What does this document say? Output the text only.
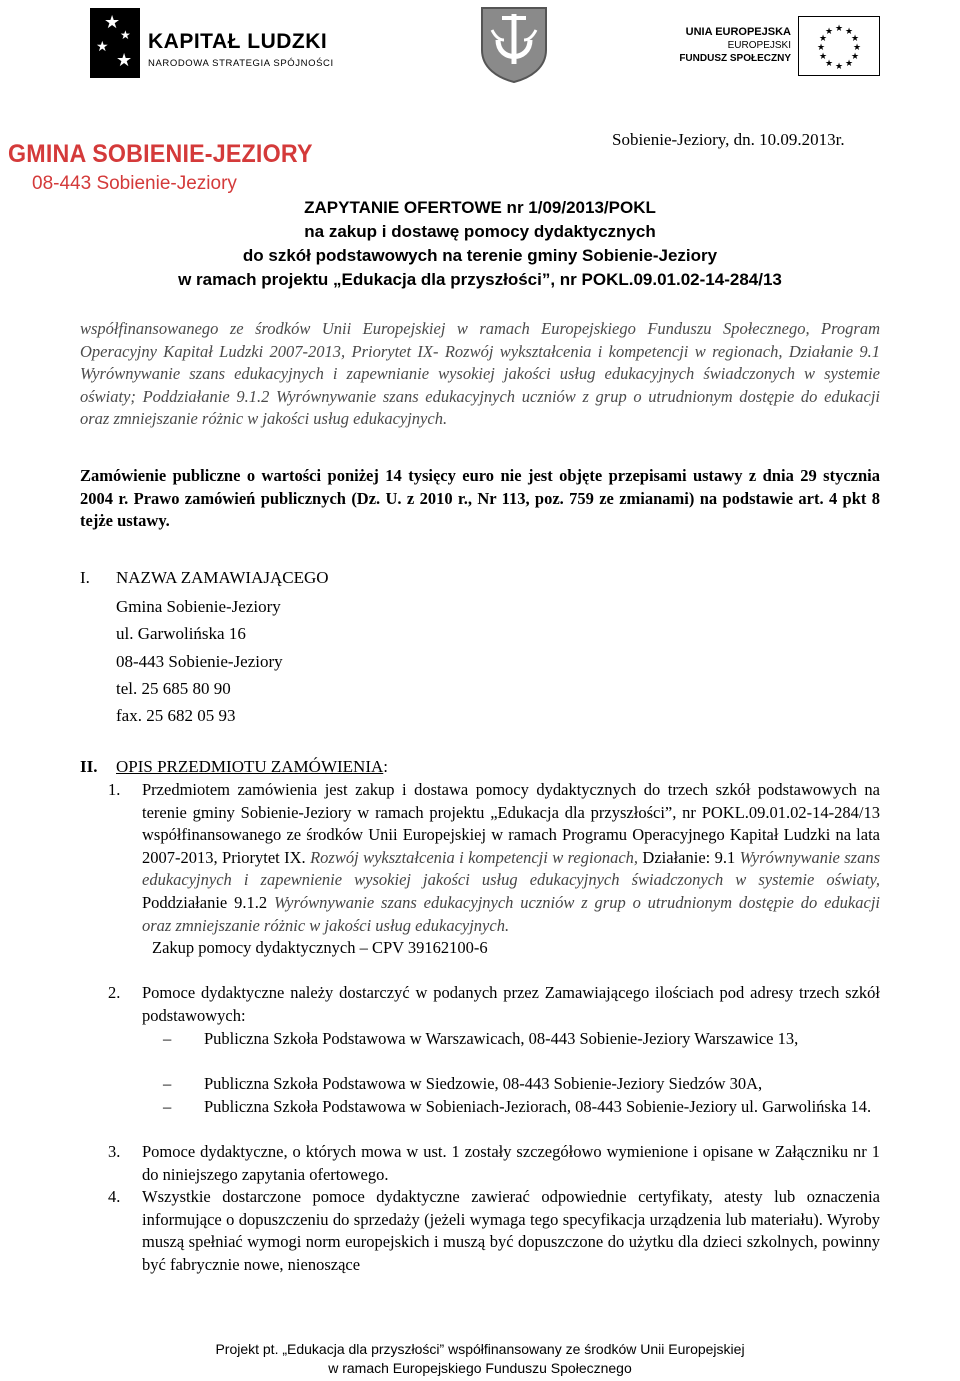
★
★
★
★
KAPITAŁ LUDZKI
NARODOWA STRATEGIA SPÓJNOŚCI
UNIA EUROPEJSKA
EUROPEJSKI
FUNDUSZ SPOŁECZNY
★ ★
★
★
★
★
★
★
★
★
★
★
GMINA SOBIENIE-JEZIORY
08-443 Sobienie-Jeziory
Sobienie-Jeziory, dn. 10.09.2013r.
ZAPYTANIE OFERTOWE nr 1/09/2013/POKL
na zakup i dostawę pomocy dydaktycznych
do szkół podstawowych na terenie gminy Sobienie-Jeziory
w ramach projektu „Edukacja dla przyszłości”, nr POKL.09.01.02-14-284/13
współfinansowanego ze środków Unii Europejskiej w ramach Europejskiego Funduszu Społecznego, Program Operacyjny Kapitał Ludzki 2007-2013, Priorytet IX- Rozwój wykształcenia i kompetencji w regionach, Działanie 9.1 Wyrównywanie szans edukacyjnych i zapewnianie wysokiej jakości usług edukacyjnych świadczonych w systemie oświaty; Poddziałanie 9.1.2 Wyrównywanie szans edukacyjnych uczniów z grup o utrudnionym dostępie do edukacji oraz zmniejszanie różnic w jakości usług edukacyjnych.
Zamówienie publiczne o wartości poniżej 14 tysięcy euro nie jest objęte przepisami ustawy z dnia 29 stycznia 2004 r. Prawo zamówień publicznych (Dz. U. z 2010 r., Nr 113, poz. 759 ze zmianami) na podstawie art. 4 pkt 8 tejże ustawy.
I. NAZWA ZAMAWIAJĄCEGO
Gmina Sobienie-Jeziory
ul. Garwolińska 16
08-443 Sobienie-Jeziory
tel. 25 685 80 90
fax. 25 682 05 93
II. OPIS PRZEDMIOTU ZAMÓWIENIA:
1. Przedmiotem zamówienia jest zakup i dostawa pomocy dydaktycznych do trzech szkół podstawowych na terenie gminy Sobienie-Jeziory w ramach projektu „Edukacja dla przyszłości”, nr POKL.09.01.02-14-284/13 współfinansowanego ze środków Unii Europejskiej w ramach Programu Operacyjnego Kapitał Ludzki na lata 2007-2013, Priorytet IX. Rozwój wykształcenia i kompetencji w regionach, Działanie: 9.1 Wyrównywanie szans edukacyjnych i zapewnienie wysokiej jakości usług edukacyjnych świadczonych w systemie oświaty, Poddziałanie 9.1.2 Wyrównywanie szans edukacyjnych uczniów z grup o utrudnionym dostępie do edukacji oraz zmniejszanie różnic w jakości usług edukacyjnych.
Zakup pomocy dydaktycznych – CPV 39162100-6
2. Pomoce dydaktyczne należy dostarczyć w podanych przez Zamawiającego ilościach pod adresy trzech szkół podstawowych:
– Publiczna Szkoła Podstawowa w Warszawicach, 08-443 Sobienie-Jeziory Warszawice 13,
– Publiczna Szkoła Podstawowa w Siedzowie, 08-443 Sobienie-Jeziory Siedzów 30A,
– Publiczna Szkoła Podstawowa w Sobieniach-Jeziorach, 08-443 Sobienie-Jeziory ul. Garwolińska 14.
3. Pomoce dydaktyczne, o których mowa w ust. 1 zostały szczegółowo wymienione i opisane w Załączniku nr 1 do niniejszego zapytania ofertowego.
4. Wszystkie dostarczone pomoce dydaktyczne zawierać odpowiednie certyfikaty, atesty lub oznaczenia informujące o dopuszczeniu do sprzedaży (jeżeli wymaga tego specyfikacja urządzenia lub materiału). Wyroby muszą spełniać wymogi norm europejskich i muszą być dopuszczone do użytku dla dzieci szkolnych, powinny być fabrycznie nowe, nienoszące
Projekt pt. „Edukacja dla przyszłości” współfinansowany ze środków Unii Europejskiej
w ramach Europejskiego Funduszu Społecznego
